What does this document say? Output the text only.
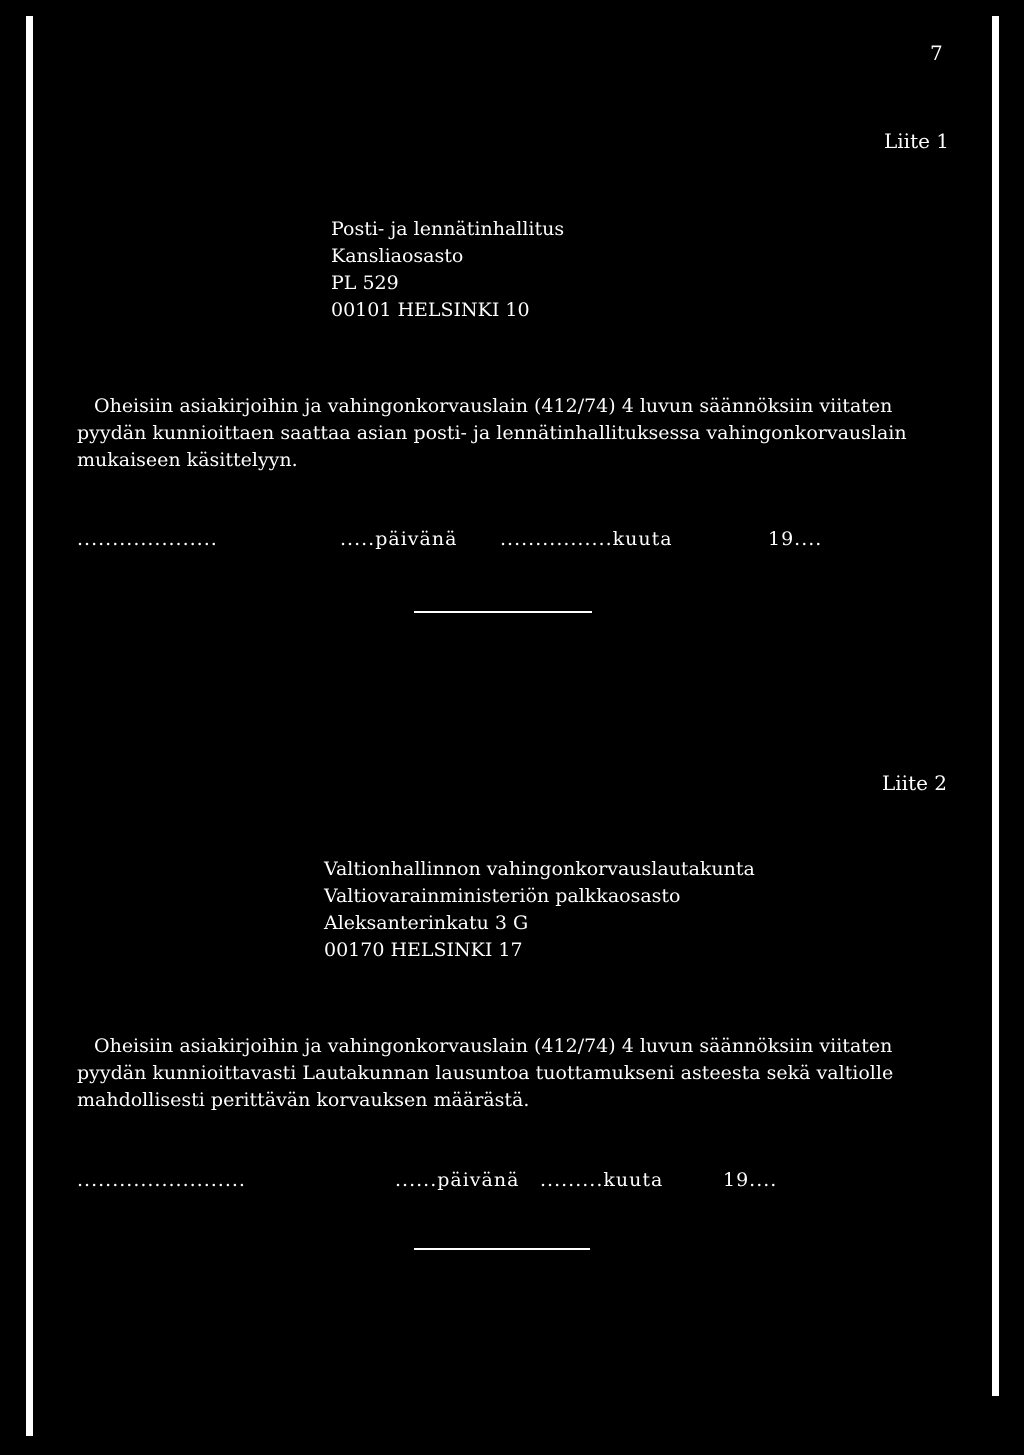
7
Liite 1
Posti- ja lennätinhallitus
Kansliaosasto
PL 529
00101 HELSINKI 10
Oheisiin asiakirjoihin ja vahingonkorvauslain (412/74) 4 luvun säännöksiin viitaten
pyydän kunnioittaen saattaa asian posti- ja lennätinhallituksessa vahingonkorvauslain
mukaiseen käsittelyyn.
....................	.....päivänä ................kuuta	19....
Liite 2
Valtionhallinnon vahingonkorvauslautakunta
Valtiovarainministeriön palkkaosasto
Aleksanterinkatu 3 G
00170 HELSINKI 17
Oheisiin asiakirjoihin ja vahingonkorvauslain (412/74) 4 luvun säännöksiin viitaten
pyydän kunnioittavasti Lautakunnan lausuntoa tuottamukseni asteesta sekä valtiolle
mahdollisesti perittävän korvauksen määrästä.
........................	......päivänä .........kuuta	19....
